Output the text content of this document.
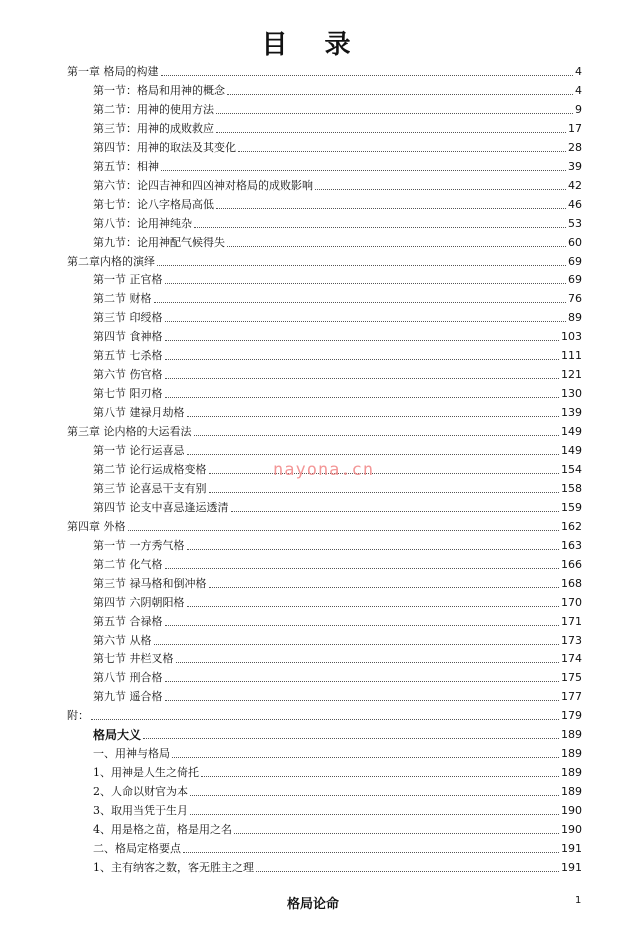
目 录
第一章 格局的构建	4
第一节：格局和用神的概念	4
第二节：用神的使用方法	9
第三节：用神的成败救应	17
第四节：用神的取法及其变化	28
第五节：相神	39
第六节：论四吉神和四凶神对格局的成败影响	42
第七节：论八字格局高低	46
第八节：论用神纯杂	53
第九节：论用神配气候得失	60
第二章内格的演绎	69
第一节 正官格	69
第二节 财格	76
第三节 印绶格	89
第四节 食神格	103
第五节 七杀格	111
第六节 伤官格	121
第七节 阳刃格	130
第八节 建禄月劫格	139
第三章 论内格的大运看法	149
第一节 论行运喜忌	149
第二节 论行运成格变格	154
第三节 论喜忌干支有别	158
第四节 论支中喜忌逢运透清	159
第四章 外格	162
第一节 一方秀气格	163
第二节 化气格	166
第三节 禄马格和倒冲格	168
第四节 六阴朝阳格	170
第五节 合禄格	171
第六节 从格	173
第七节 井栏叉格	174
第八节 刑合格	175
第九节 遥合格	177
附：	179
格局大义	189
一、用神与格局	189
1、用神是人生之倚托	189
2、人命以财官为本	189
3、取用当凭于生月	190
4、用是格之苗，格是用之名	190
二、格局定格要点	191
1、主有纳客之数，客无胜主之理	191
nayona.cn
格局论命	1
